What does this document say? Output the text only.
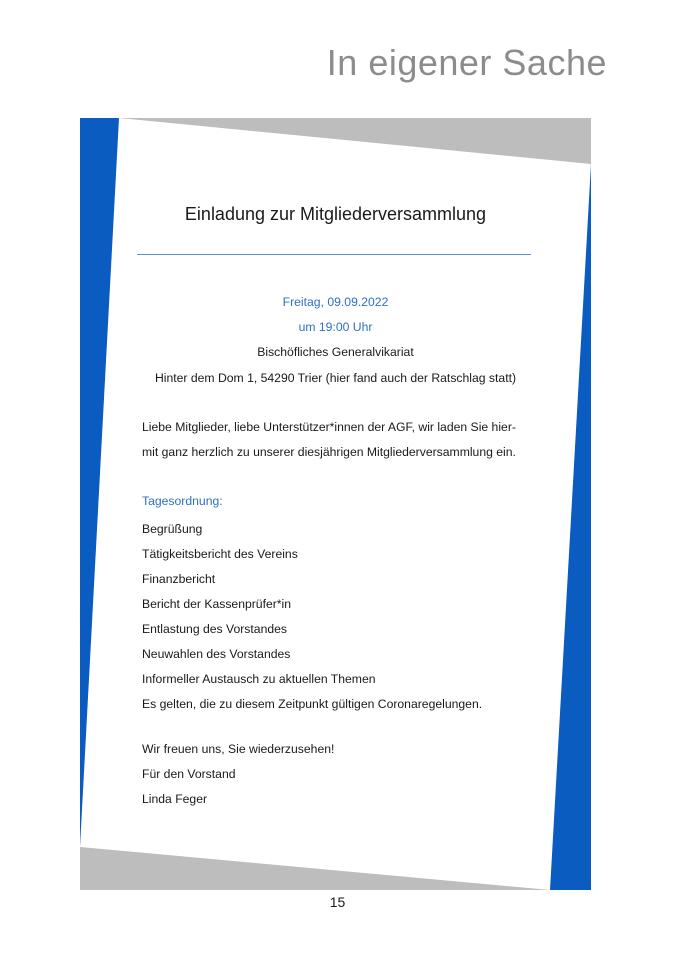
In eigener Sache
Einladung zur Mitgliederversammlung

Freitag, 09.09.2022

um 19:00 Uhr

Bischöfliches Generalvikariat

Hinter dem Dom 1, 54290 Trier (hier fand auch der Ratschlag statt)

Liebe Mitglieder, liebe Unterstützer*innen der AGF, wir laden Sie hier-

mit ganz herzlich zu unserer diesjährigen Mitgliederversammlung ein.

Tagesordnung:

Begrüßung
Tätigkeitsbericht des Vereins
Finanzbericht
Bericht der Kassenprüfer*in
Entlastung des Vorstandes
Neuwahlen des Vorstandes
Informeller Austausch zu aktuellen Themen
Es gelten, die zu diesem Zeitpunkt gültigen Coronaregelungen.

Wir freuen uns, Sie wiederzusehen!

Für den Vorstand

Linda Feger

15
